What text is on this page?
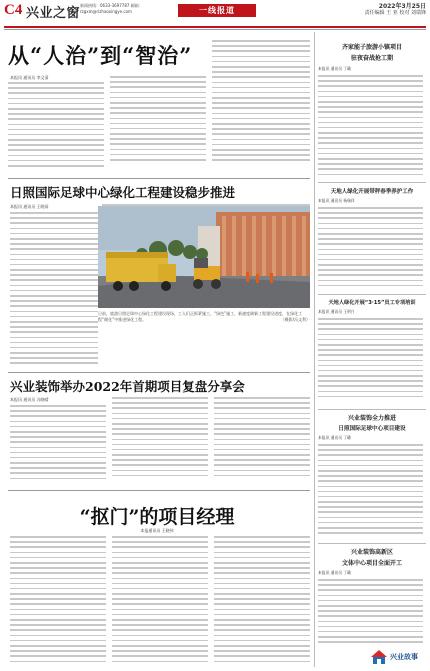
C4 兴业之窗
新闻热线：0633-3697787 邮箱：rzgxm@rizhaoxingye.com	一线报道	2022年3月25日
责任编辑 王 亚 校对 刘瑞锋
从“人治”到“智治”
本报讯 通讯员 李文清
日照国际足球中心绿化工程建设稳步推进
本报讯 通讯员 王晓雨
日前，旅游日照足球中心绿化工程建设现场，工人们正抓紧施工，“绿色”施工，新速度刷新工程建设进度，在绿化工程“细化”中推进绿化工程。	（摄影/冯文利）
兴业装饰举办2022年首期项目复盘分享会
本报讯 通讯员 冯晓晴
“抠门”的项目经理
本报通讯员 王晓伟
齐家能子旅游小镇项目
驻夜奋战抢工期
本报讯 通讯员 丁璐
天地人绿化开展带秤春季养护工作
本报讯 通讯员 杨瑞祥
天地人绿化开展“3·15”员工专项培训
本报讯 通讯员 王明月
兴业装饰全力推进
日照国际足球中心项目建设
本报讯 通讯员 丁璐
兴业装饰高新区
文体中心项目全面开工
本报讯 通讯员 丁璐
兴业故事
